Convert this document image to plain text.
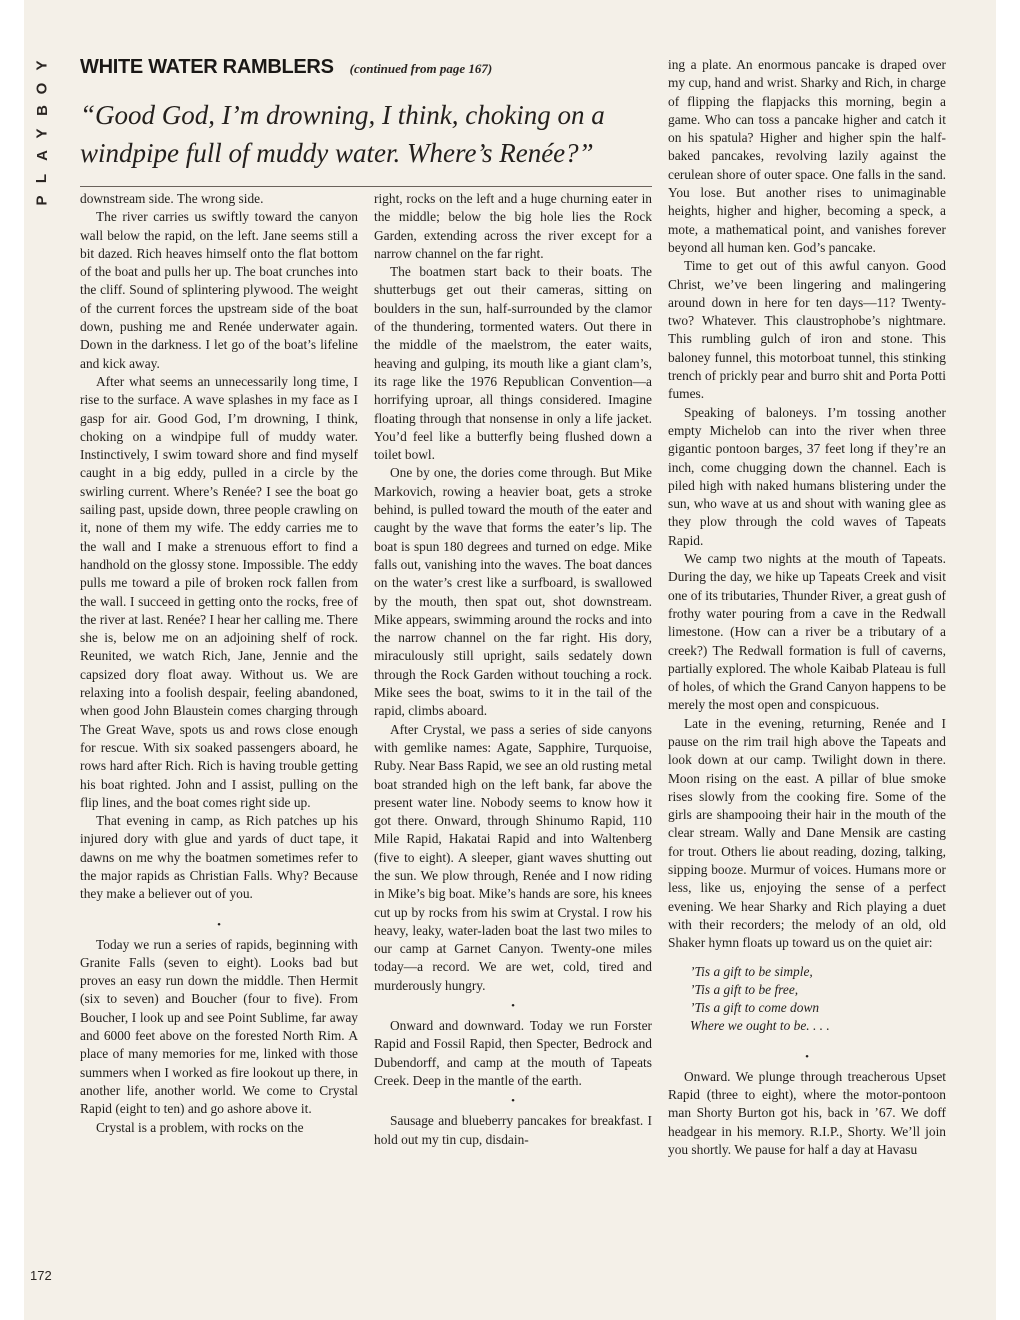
Y
O
B
Y
A
L
P
WHITE WATER RAMBLERS (continued from page 167)
“Good God, I’m drowning, I think, choking on a windpipe full of muddy water. Where’s Renée?”

downstream side. The wrong side.

The river carries us swiftly toward the canyon wall below the rapid, on the left. Jane seems still a bit dazed. Rich heaves himself onto the flat bottom of the boat and pulls her up. The boat crunches into the cliff. Sound of splintering plywood. The weight of the current forces the upstream side of the boat down, pushing me and Renée underwater again. Down in the darkness. I let go of the boat’s lifeline and kick away.

After what seems an unnecessarily long time, I rise to the surface. A wave splashes in my face as I gasp for air. Good God, I’m drowning, I think, choking on a windpipe full of muddy water. Instinctively, I swim toward shore and find myself caught in a big eddy, pulled in a circle by the swirling current. Where’s Renée? I see the boat go sailing past, upside down, three people crawling on it, none of them my wife. The eddy carries me to the wall and I make a strenuous effort to find a handhold on the glossy stone. Impossible. The eddy pulls me toward a pile of broken rock fallen from the wall. I succeed in getting onto the rocks, free of the river at last. Renée? I hear her calling me. There she is, below me on an adjoining shelf of rock. Reunited, we watch Rich, Jane, Jennie and the capsized dory float away. Without us. We are relaxing into a foolish despair, feeling abandoned, when good John Blaustein comes charging through The Great Wave, spots us and rows close enough for rescue. With six soaked passengers aboard, he rows hard after Rich. Rich is having trouble getting his boat righted. John and I assist, pulling on the flip lines, and the boat comes right side up.

That evening in camp, as Rich patches up his injured dory with glue and yards of duct tape, it dawns on me why the boatmen sometimes refer to the major rapids as Christian Falls. Why? Because they make a believer out of you.

•

Today we run a series of rapids, beginning with Granite Falls (seven to eight). Looks bad but proves an easy run down the middle. Then Hermit (six to seven) and Boucher (four to five). From Boucher, I look up and see Point Sublime, far away and 6000 feet above on the forested North Rim. A place of many memories for me, linked with those summers when I worked as fire lookout up there, in another life, another world. We come to Crystal Rapid (eight to ten) and go ashore above it.

Crystal is a problem, with rocks on the

right, rocks on the left and a huge churning eater in the middle; below the big hole lies the Rock Garden, extending across the river except for a narrow channel on the far right.

The boatmen start back to their boats. The shutterbugs get out their cameras, sitting on boulders in the sun, half-surrounded by the clamor of the thundering, tormented waters. Out there in the middle of the maelstrom, the eater waits, heaving and gulping, its mouth like a giant clam’s, its rage like the 1976 Republican Convention—a horrifying uproar, all things considered. Imagine floating through that nonsense in only a life jacket. You’d feel like a butterfly being flushed down a toilet bowl.

One by one, the dories come through. But Mike Markovich, rowing a heavier boat, gets a stroke behind, is pulled toward the mouth of the eater and caught by the wave that forms the eater’s lip. The boat is spun 180 degrees and turned on edge. Mike falls out, vanishing into the waves. The boat dances on the water’s crest like a surfboard, is swallowed by the mouth, then spat out, shot downstream. Mike appears, swimming around the rocks and into the narrow channel on the far right. His dory, miraculously still upright, sails sedately down through the Rock Garden without touching a rock. Mike sees the boat, swims to it in the tail of the rapid, climbs aboard.

After Crystal, we pass a series of side canyons with gemlike names: Agate, Sapphire, Turquoise, Ruby. Near Bass Rapid, we see an old rusting metal boat stranded high on the left bank, far above the present water line. Nobody seems to know how it got there. Onward, through Shinumo Rapid, 110 Mile Rapid, Hakatai Rapid and into Waltenberg (five to eight). A sleeper, giant waves shutting out the sun. We plow through, Renée and I now riding in Mike’s big boat. Mike’s hands are sore, his knees cut up by rocks from his swim at Crystal. I row his heavy, leaky, water-laden boat the last two miles to our camp at Garnet Canyon. Twenty-one miles today—a record. We are wet, cold, tired and murderously hungry.

•

Onward and downward. Today we run Forster Rapid and Fossil Rapid, then Specter, Bedrock and Dubendorff, and camp at the mouth of Tapeats Creek. Deep in the mantle of the earth.

•

Sausage and blueberry pancakes for breakfast. I hold out my tin cup, disdain-

ing a plate. An enormous pancake is draped over my cup, hand and wrist. Sharky and Rich, in charge of flipping the flapjacks this morning, begin a game. Who can toss a pancake higher and catch it on his spatula? Higher and higher spin the half-baked pancakes, revolving lazily against the cerulean shore of outer space. One falls in the sand. You lose. But another rises to unimaginable heights, higher and higher, becoming a speck, a mote, a mathematical point, and vanishes forever beyond all human ken. God’s pancake.

Time to get out of this awful canyon. Good Christ, we’ve been lingering and malingering around down in here for ten days—11? Twenty-two? Whatever. This claustrophobe’s nightmare. This rumbling gulch of iron and stone. This baloney funnel, this motorboat tunnel, this stinking trench of prickly pear and burro shit and Porta Potti fumes.

Speaking of baloneys. I’m tossing another empty Michelob can into the river when three gigantic pontoon barges, 37 feet long if they’re an inch, come chugging down the channel. Each is piled high with naked humans blistering under the sun, who wave at us and shout with waning glee as they plow through the cold waves of Tapeats Rapid.

We camp two nights at the mouth of Tapeats. During the day, we hike up Tapeats Creek and visit one of its tributaries, Thunder River, a great gush of frothy water pouring from a cave in the Redwall limestone. (How can a river be a tributary of a creek?) The Redwall formation is full of caverns, partially explored. The whole Kaibab Plateau is full of holes, of which the Grand Canyon happens to be merely the most open and conspicuous.

Late in the evening, returning, Renée and I pause on the rim trail high above the Tapeats and look down at our camp. Twilight down in there. Moon rising on the east. A pillar of blue smoke rises slowly from the cooking fire. Some of the girls are shampooing their hair in the mouth of the clear stream. Wally and Dane Mensik are casting for trout. Others lie about reading, dozing, talking, sipping booze. Murmur of voices. Humans more or less, like us, enjoying the sense of a perfect evening. We hear Sharky and Rich playing a duet with their recorders; the melody of an old, old Shaker hymn floats up toward us on the quiet air:

’Tis a gift to be simple,
’Tis a gift to be free,
’Tis a gift to come down
Where we ought to be. . . .

•

Onward. We plunge through treacherous Upset Rapid (three to eight), where the motor-pontoon man Shorty Burton got his, back in ’67. We doff headgear in his memory. R.I.P., Shorty. We’ll join you shortly. We pause for half a day at Havasu

172
